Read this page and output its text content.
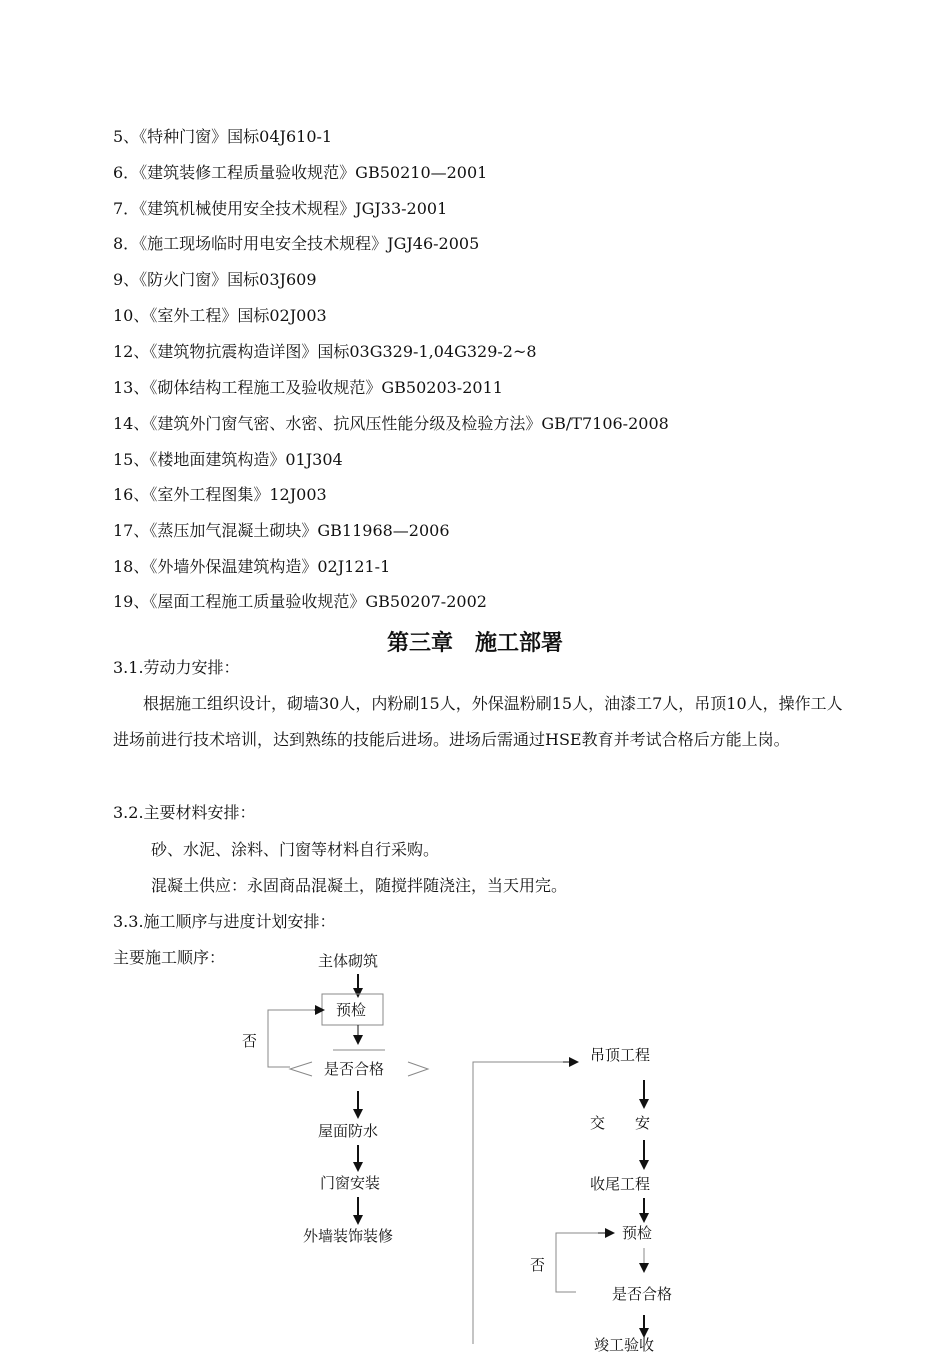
5、《特种门窗》国标04J610-1
6．《建筑装修工程质量验收规范》GB50210—2001
7．《建筑机械使用安全技术规程》JGJ33-2001
8．《施工现场临时用电安全技术规程》JGJ46-2005
9、《防火门窗》国标03J609
10、《室外工程》国标02J003
12、《建筑物抗震构造详图》国标03G329-1,04G329-2~8
13、《砌体结构工程施工及验收规范》GB50203-2011
14、《建筑外门窗气密、水密、抗风压性能分级及检验方法》GB/T7106-2008
15、《楼地面建筑构造》01J304
16、《室外工程图集》12J003
17、《蒸压加气混凝土砌块》GB11968—2006
18、《外墙外保温建筑构造》02J121-1
19、《屋面工程施工质量验收规范》GB50207-2002
第三章　施工部署
3.1.劳动力安排：
根据施工组织设计，砌墙30人，内粉刷15人，外保温粉刷15人，油漆工7人，吊顶10人，操作工人进场前进行技术培训，达到熟练的技能后进场。进场后需通过HSE教育并考试合格后方能上岗。
3.2.主要材料安排：
砂、水泥、涂料、门窗等材料自行采购。
混凝土供应：永固商品混凝土，随搅拌随浇注，当天用完。
3.3.施工顺序与进度计划安排：
主要施工顺序：	主体砌筑
预检
否
是否合格
屋面防水
门窗安装
外墙装饰装修
吊顶工程
交　　安
收尾工程
预检
否
是否合格
竣工验收
